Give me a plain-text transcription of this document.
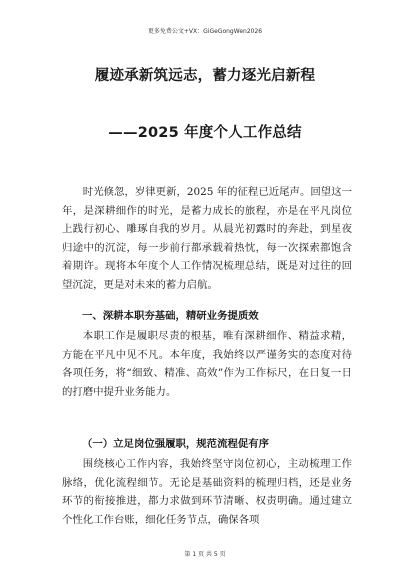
更多免费公文+VX：GiGeGongWen2026
履迹承新筑远志，蓄力逐光启新程
——2025 年度个人工作总结

时光倏忽，岁律更新，2025 年的征程已近尾声。回望这一年，是深耕细作的时光，是蓄力成长的旅程，亦是在平凡岗位上践行初心、雕琢自我的岁月。从晨光初露时的奔赴，到星夜归途中的沉淀，每一步前行都承载着热忱，每一次探索都饱含着期许。现将本年度个人工作情况梳理总结，既是对过往的回望沉淀，更是对未来的蓄力启航。

一、深耕本职夯基础，精研业务提质效

本职工作是履职尽责的根基，唯有深耕细作、精益求精，方能在平凡中见不凡。本年度，我始终以严谨务实的态度对待各项任务，将“细致、精准、高效”作为工作标尺，在日复一日的打磨中提升业务能力。

（一）立足岗位强履职，规范流程促有序

围绕核心工作内容，我始终坚守岗位初心，主动梳理工作脉络，优化流程细节。无论是基础资料的梳理归档，还是业务环节的衔接推进，都力求做到环节清晰、权责明确。通过建立个性化工作台账，细化任务节点，确保各项

第 1 页 共 5 页
